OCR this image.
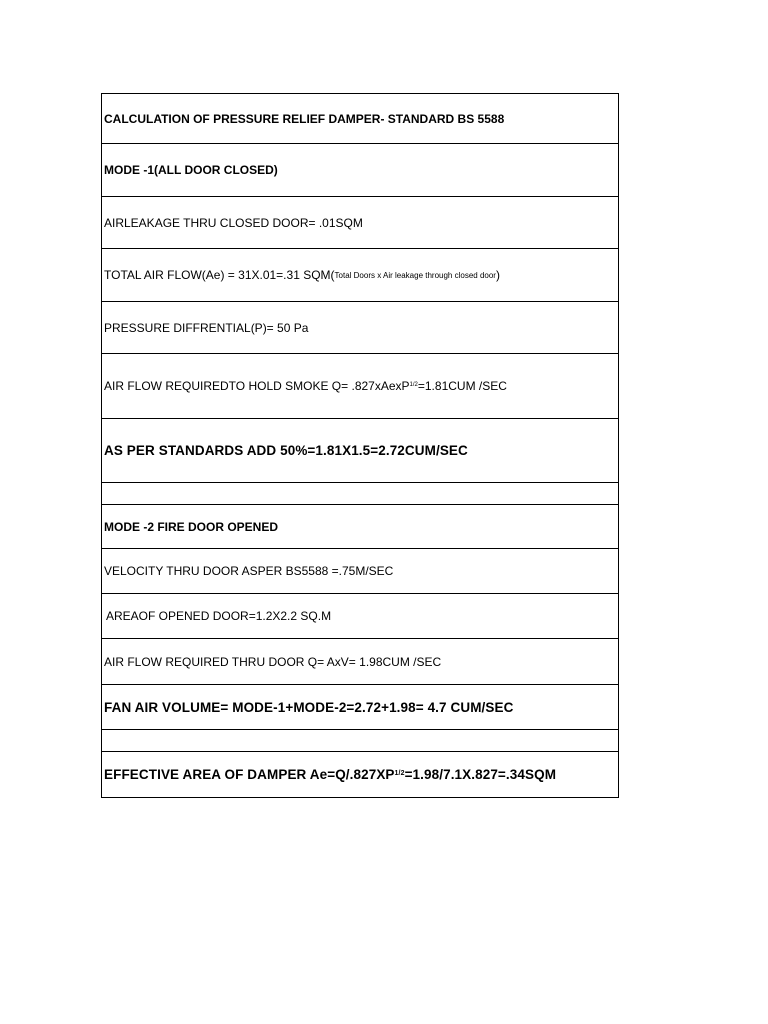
CALCULATION OF PRESSURE RELIEF DAMPER- STANDARD BS 5588
MODE -1(ALL DOOR CLOSED)
AIRLEAKAGE THRU CLOSED DOOR= .01SQM
TOTAL AIR FLOW(Ae) = 31X.01=.31 SQM( Total Doors x Air leakage through closed door )
PRESSURE DIFFRENTIAL(P)= 50 Pa
AIR FLOW REQUIREDTO HOLD SMOKE Q= .827xAexP 1/2 =1.81CUM /SEC
AS PER STANDARDS ADD 50%=1.81X1.5=2.72CUM/SEC
MODE -2 FIRE DOOR OPENED
VELOCITY THRU DOOR ASPER BS5588 =.75M/SEC
AREAOF OPENED DOOR=1.2X2.2 SQ.M
AIR FLOW REQUIRED THRU DOOR Q= AxV= 1.98CUM /SEC
FAN AIR VOLUME= MODE-1+MODE-2=2.72+1.98= 4.7 CUM/SEC
EFFECTIVE AREA OF DAMPER Ae=Q/.827XP 1/2 =1.98/7.1X.827=.34SQM
